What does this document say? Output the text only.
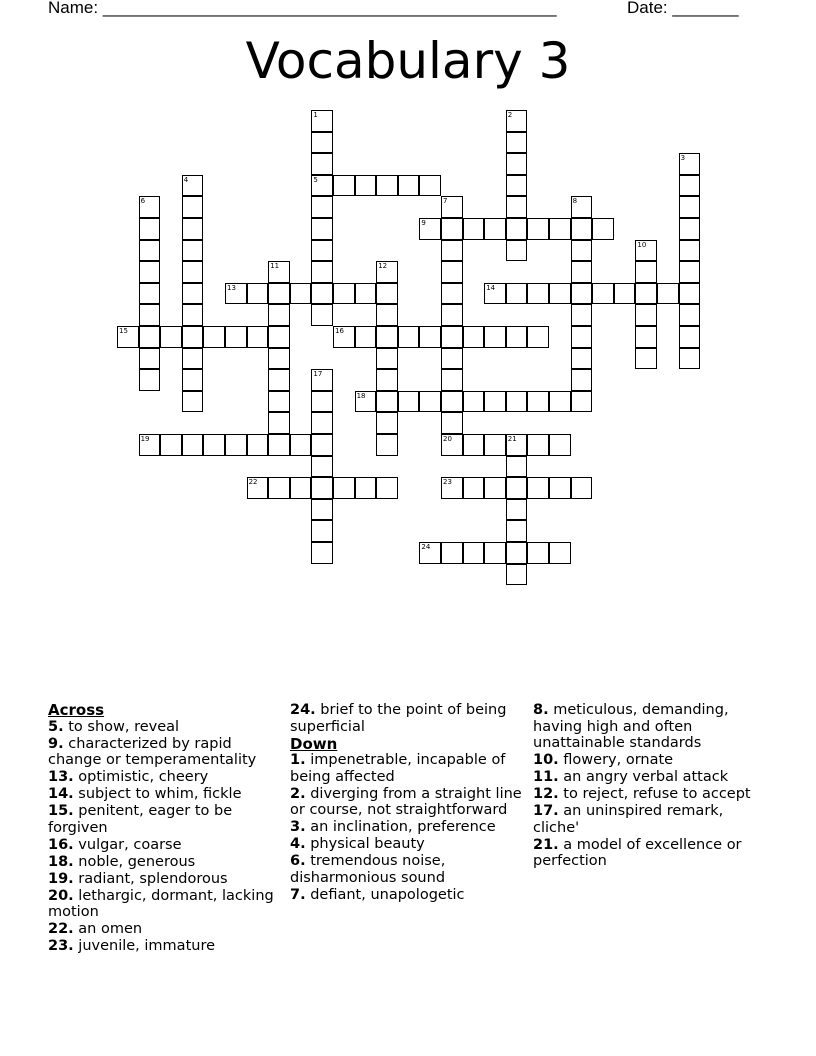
Name: ________________________________________________	Date: _______
Vocabulary 3
1	2
3
4	5
6	7	8
9
10
11	12
13	14
15	16
17
18
19	20	21
22	23
24
Across
5. to show, reveal
9. characterized by rapid change or temperamentality
13. optimistic, cheery
14. subject to whim, fickle
15. penitent, eager to be forgiven
16. vulgar, coarse
18. noble, generous
19. radiant, splendorous
20. lethargic, dormant, lacking motion
22. an omen
23. juvenile, immature
24. brief to the point of being superficial
Down
1. impenetrable, incapable of being affected
2. diverging from a straight line or course, not straightforward
3. an inclination, preference
4. physical beauty
6. tremendous noise, disharmonious sound
7. defiant, unapologetic
8. meticulous, demanding, having high and often unattainable standards
10. flowery, ornate
11. an angry verbal attack
12. to reject, refuse to accept
17. an uninspired remark, cliche'
21. a model of excellence or perfection
